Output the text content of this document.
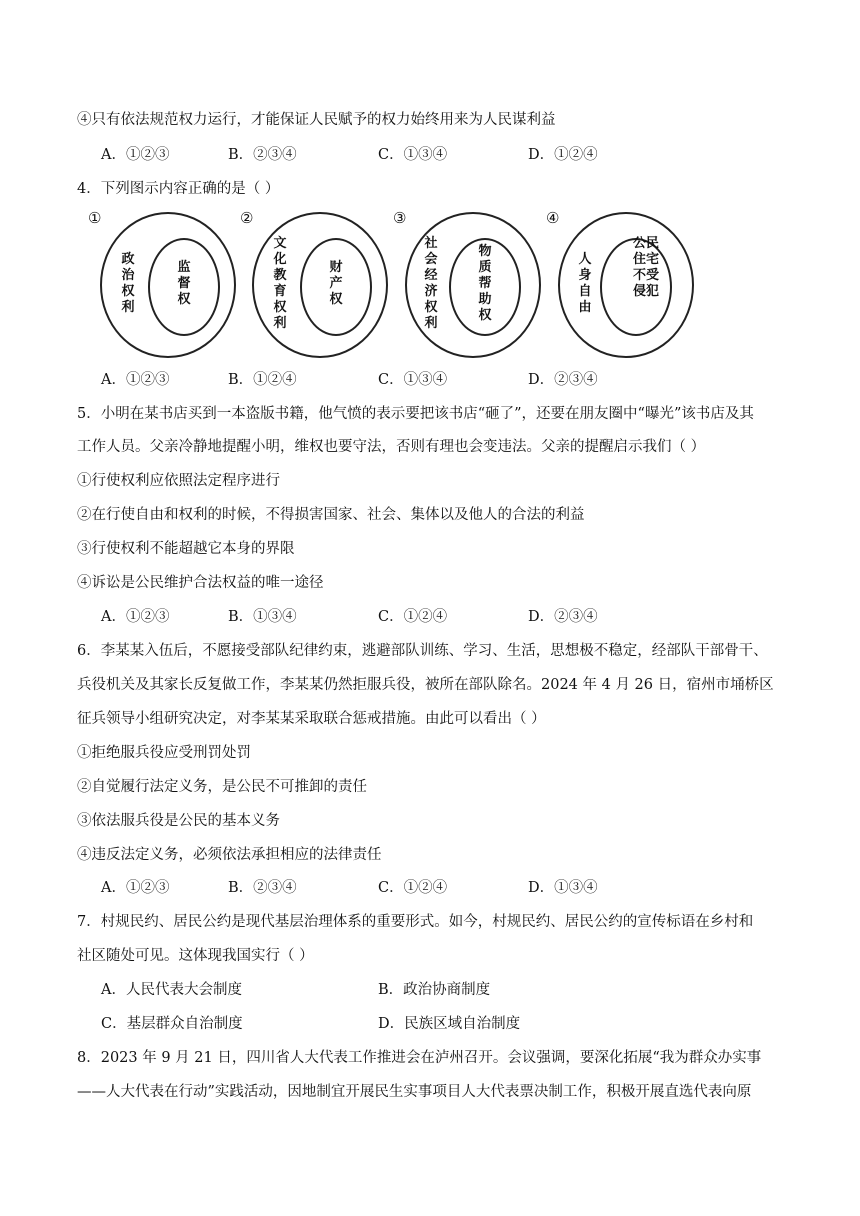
④只有依法规范权力运行，才能保证人民赋予的权力始终用来为人民谋利益
A．①②③	B．②③④	C．①③④	D．①②④
4．下列图示内容正确的是（ ）
①
政治权利
监督权
②
文化教育权利
财产权
③
社会经济权利
物质帮助权
④
人身自由
公民住宅不受侵犯
A．①②③	B．①②④	C．①③④	D．②③④
5．小明在某书店买到一本盗版书籍，他气愤的表示要把该书店“砸了”，还要在朋友圈中“曝光”该书店及其
工作人员。父亲冷静地提醒小明，维权也要守法，否则有理也会变违法。父亲的提醒启示我们（ ）
①行使权利应依照法定程序进行
②在行使自由和权利的时候，不得损害国家、社会、集体以及他人的合法的利益
③行使权利不能超越它本身的界限
④诉讼是公民维护合法权益的唯一途径
A．①②③	B．①③④	C．①②④	D．②③④
6．李某某入伍后，不愿接受部队纪律约束，逃避部队训练、学习、生活，思想极不稳定，经部队干部骨干、
兵役机关及其家长反复做工作，李某某仍然拒服兵役，被所在部队除名。2024 年 4 月 26 日，宿州市埇桥区
征兵领导小组研究决定，对李某某采取联合惩戒措施。由此可以看出（ ）
①拒绝服兵役应受刑罚处罚
②自觉履行法定义务，是公民不可推卸的责任
③依法服兵役是公民的基本义务
④违反法定义务，必须依法承担相应的法律责任
A．①②③	B．②③④	C．①②④	D．①③④
7．村规民约、居民公约是现代基层治理体系的重要形式。如今，村规民约、居民公约的宣传标语在乡村和
社区随处可见。这体现我国实行（ ）
A．人民代表大会制度	B．政治协商制度
C．基层群众自治制度	D．民族区域自治制度
8．2023 年 9 月 21 日，四川省人大代表工作推进会在泸州召开。会议强调，要深化拓展“我为群众办实事
——人大代表在行动”实践活动，因地制宜开展民生实事项目人大代表票决制工作，积极开展直选代表向原
